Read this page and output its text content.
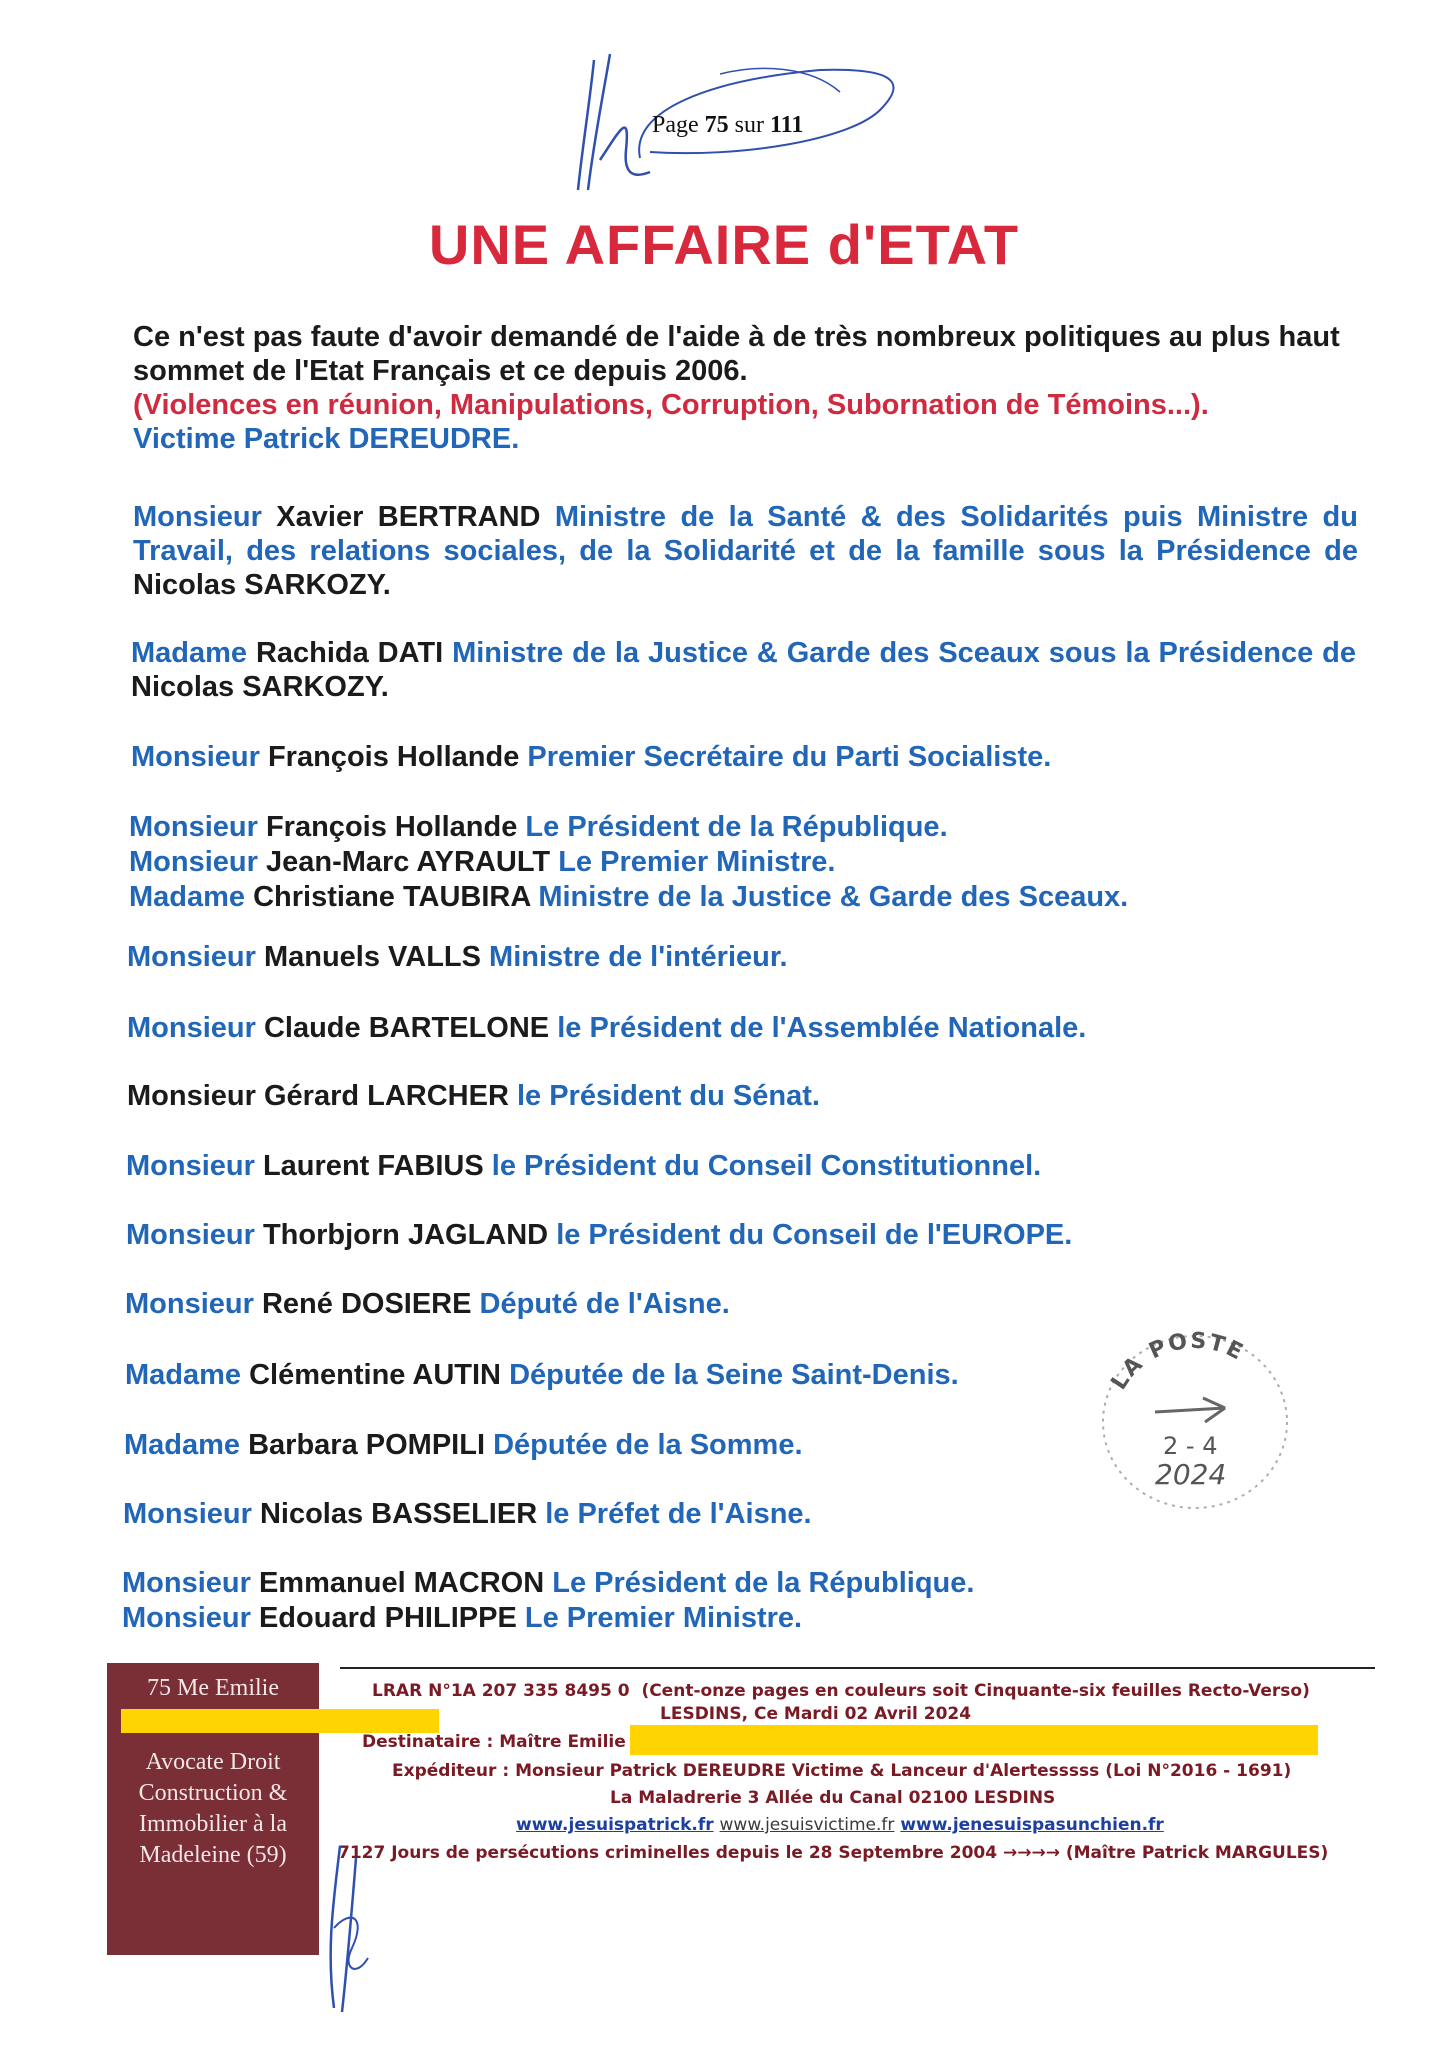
Page 75 sur 111
UNE AFFAIRE d'ETAT
Ce n'est pas faute d'avoir demandé de l'aide à de très nombreux politiques au plus haut sommet de l'Etat Français et ce depuis 2006.
(Violences en réunion, Manipulations, Corruption, Subornation de Témoins...).
Victime Patrick DEREUDRE.
Monsieur Xavier BERTRAND Ministre de la Santé & des Solidarités puis Ministre du Travail, des relations sociales, de la Solidarité et de la famille sous la Présidence de Nicolas SARKOZY.
Madame Rachida DATI Ministre de la Justice & Garde des Sceaux sous la Présidence de Nicolas SARKOZY.
Monsieur François Hollande Premier Secrétaire du Parti Socialiste.
Monsieur François Hollande Le Président de la République.
Monsieur Jean-Marc AYRAULT Le Premier Ministre.
Madame Christiane TAUBIRA Ministre de la Justice & Garde des Sceaux.
Monsieur Manuels VALLS Ministre de l'intérieur.
Monsieur Claude BARTELONE le Président de l'Assemblée Nationale.
Monsieur Gérard LARCHER le Président du Sénat.
Monsieur Laurent FABIUS le Président du Conseil Constitutionnel.
Monsieur Thorbjorn JAGLAND le Président du Conseil de l'EUROPE.
Monsieur René DOSIERE Député de l'Aisne.
Madame Clémentine AUTIN Députée de la Seine Saint-Denis.
Madame Barbara POMPILI Députée de la Somme.
Monsieur Nicolas BASSELIER le Préfet de l'Aisne.
Monsieur Emmanuel MACRON Le Président de la République.
Monsieur Edouard PHILIPPE Le Premier Ministre.
LA POSTE
2 - 4
2024
75 Me Emilie
Avocate Droit
Construction &
Immobilier à la
Madeleine (59)
LRAR N°1A 207 335 8495 0 (Cent-onze pages en couleurs soit Cinquante-six feuilles Recto-Verso)
LESDINS, Ce Mardi 02 Avril 2024
Destinataire : Maître Emilie
Expéditeur : Monsieur Patrick DEREUDRE Victime & Lanceur d'Alertesssss (Loi N°2016 - 1691)
La Maladrerie 3 Allée du Canal 02100 LESDINS
www.jesuispatrick.fr www.jesuisvictime.fr www.jenesuispasunchien.fr
7127 Jours de persécutions criminelles depuis le 28 Septembre 2004 →→→→ (Maître Patrick MARGULES)
